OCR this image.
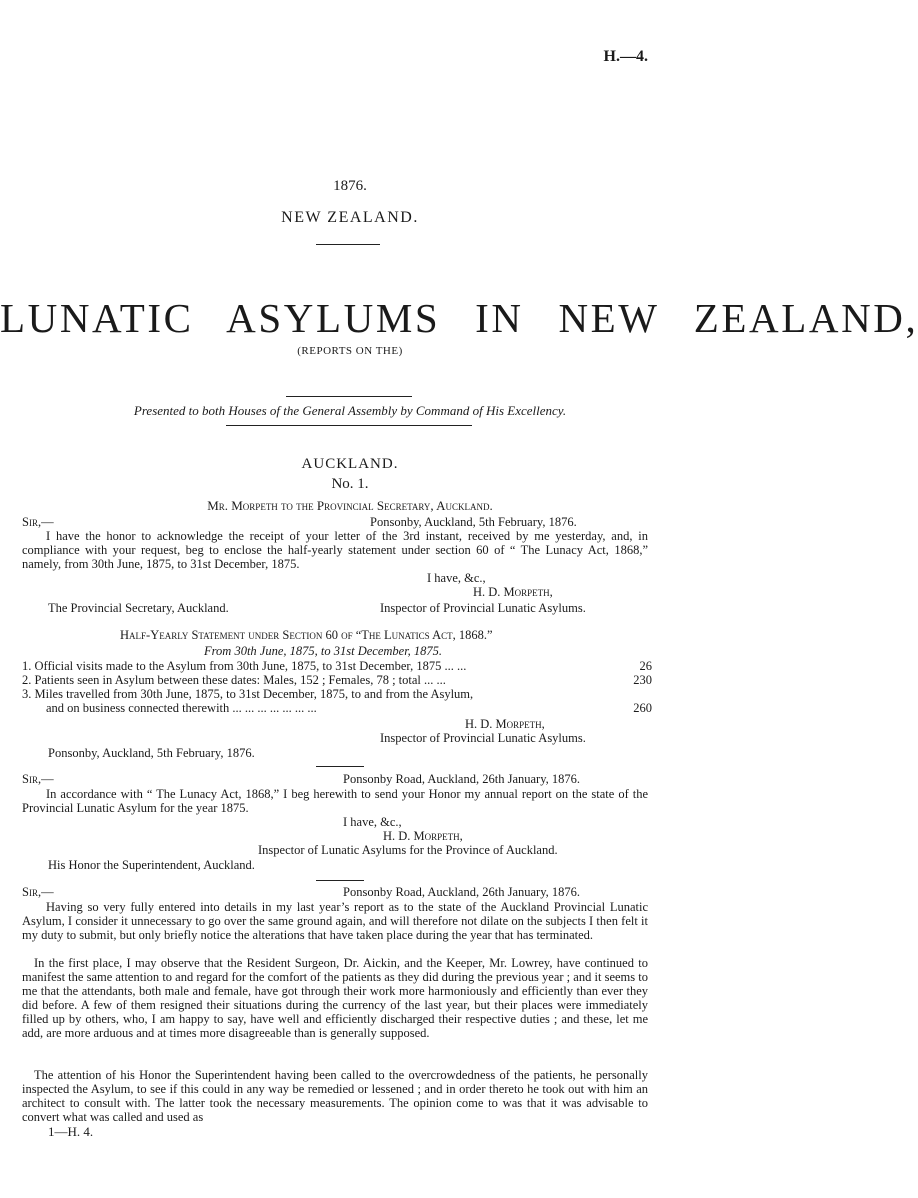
H.—4.
1876.
NEW ZEALAND.
LUNATIC ASYLUMS IN NEW ZEALAND,
(REPORTS ON THE)
Presented to both Houses of the General Assembly by Command of His Excellency.
AUCKLAND.
No. 1.
Mr. Morpeth to the Provincial Secretary, Auckland.
Sir,—	Ponsonby, Auckland, 5th February, 1876.
I have the honor to acknowledge the receipt of your letter of the 3rd instant, received by me yesterday, and, in compliance with your request, beg to enclose the half-yearly statement under section 60 of “ The Lunacy Act, 1868,” namely, from 30th June, 1875, to 31st December, 1875.
I have, &c.,
H. D. Morpeth,
The Provincial Secretary, Auckland.	Inspector of Provincial Lunatic Asylums.
Half-Yearly Statement under Section 60 of “The Lunatics Act, 1868.”
From 30th June, 1875, to 31st December, 1875.
1. Official visits made to the Asylum from 30th June, 1875, to 31st December, 1875 ... ...	26
2. Patients seen in Asylum between these dates: Males, 152 ; Females, 78 ; total ... ...	230
3. Miles travelled from 30th June, 1875, to 31st December, 1875, to and from the Asylum,
and on business connected therewith ... ... ... ... ... ... ...	260
H. D. Morpeth,
Inspector of Provincial Lunatic Asylums.
Ponsonby, Auckland, 5th February, 1876.
Sir,—	Ponsonby Road, Auckland, 26th January, 1876.
In accordance with “ The Lunacy Act, 1868,” I beg herewith to send your Honor my annual report on the state of the Provincial Lunatic Asylum for the year 1875.
I have, &c.,
H. D. Morpeth,
Inspector of Lunatic Asylums for the Province of Auckland.
His Honor the Superintendent, Auckland.
Sir,—	Ponsonby Road, Auckland, 26th January, 1876.
Having so very fully entered into details in my last year’s report as to the state of the Auckland Provincial Lunatic Asylum, I consider it unnecessary to go over the same ground again, and will therefore not dilate on the subjects I then felt it my duty to submit, but only briefly notice the alterations that have taken place during the year that has terminated.
In the first place, I may observe that the Resident Surgeon, Dr. Aickin, and the Keeper, Mr. Lowrey, have continued to manifest the same attention to and regard for the comfort of the patients as they did during the previous year ; and it seems to me that the attendants, both male and female, have got through their work more harmoniously and efficiently than ever they did before. A few of them resigned their situations during the currency of the last year, but their places were immediately filled up by others, who, I am happy to say, have well and efficiently discharged their respective duties ; and these, let me add, are more arduous and at times more disagreeable than is generally supposed.
The attention of his Honor the Superintendent having been called to the overcrowdedness of the patients, he personally inspected the Asylum, to see if this could in any way be remedied or lessened ; and in order thereto he took out with him an architect to consult with. The latter took the necessary measurements. The opinion come to was that it was advisable to convert what was called and used as
1—H. 4.
